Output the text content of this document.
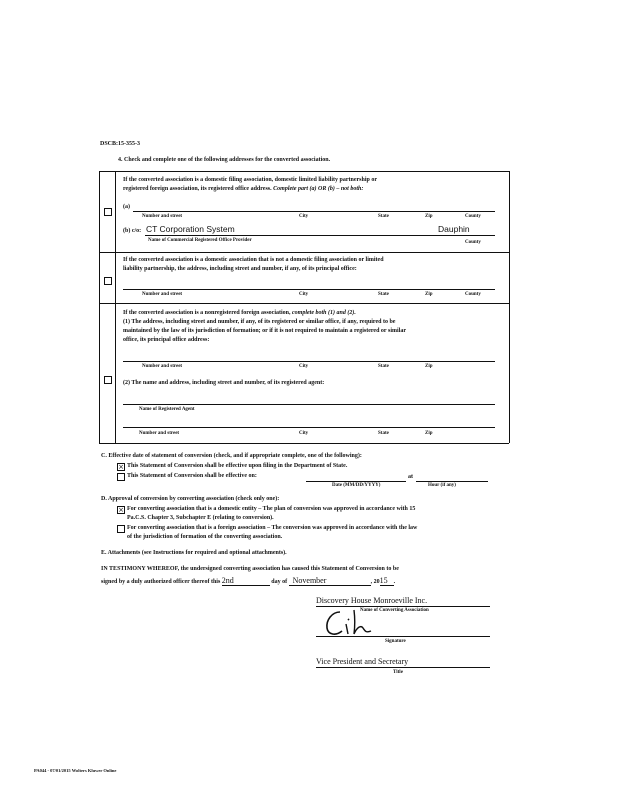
DSCB:15-355-3
4. Check and complete one of the following addresses for the converted association.
If the converted association is a domestic filing association, domestic limited liability partnership or
registered foreign association, its registered office address. Complete part (a) OR (b) – not both:
(a)
Number and street	City	State	Zip	County
(b) c/o: CT Corporation System	Dauphin
Name of Commercial Registered Office Provider	County
If the converted association is a domestic association that is not a domestic filing association or limited
liability partnership, the address, including street and number, if any, of its principal office:
Number and street	City	State	Zip	County
If the converted association is a nonregistered foreign association, complete both (1) and (2).
(1) The address, including street and number, if any, of its registered or similar office, if any, required to be
maintained by the law of its jurisdiction of formation; or if it is not required to maintain a registered or similar
office, its principal office address:
Number and street	City	State	Zip
(2) The name and address, including street and number, of its registered agent:
Name of Registered Agent
Number and street	City	State	Zip
C. Effective date of statement of conversion (check, and if appropriate complete, one of the following):
× This Statement of Conversion shall be effective upon filing in the Department of State.
This Statement of Conversion shall be effective on:	at
Date (MM/DD/YYYY)	Hour (if any)
D. Approval of conversion by converting association (check only one):
× For converting association that is a domestic entity – The plan of conversion was approved in accordance with 15
Pa.C.S. Chapter 3, Subchapter E (relating to conversion).
For converting association that is a foreign association – The conversion was approved in accordance with the law
of the jurisdiction of formation of the converting association.
E. Attachments (see Instructions for required and optional attachments).
IN TESTIMONY WHEREOF, the undersigned converting association has caused this Statement of Conversion to be
signed by a duly authorized officer thereof this 2nd	day of November	, 2015 .
Discovery House Monroeville Inc.
Name of Converting Association
Signature
Vice President and Secretary
Title
PA044 - 07/01/2015 Wolters Kluwer Online
